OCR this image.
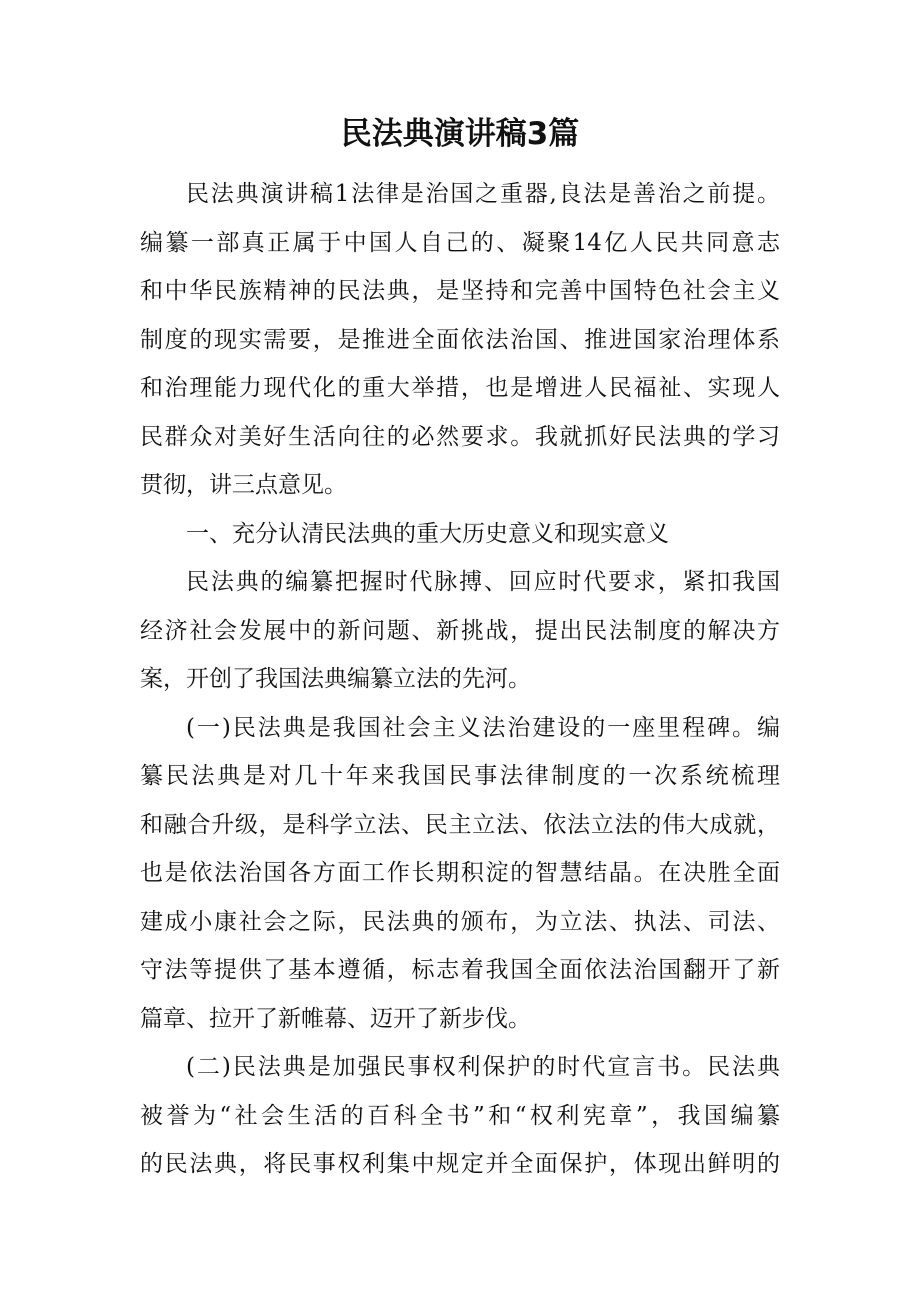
民法典演讲稿3篇
民法典演讲稿1法律是治国之重器,良法是善治之前提。
编纂一部真正属于中国人自己的、凝聚14亿人民共同意志
和中华民族精神的民法典，是坚持和完善中国特色社会主义
制度的现实需要，是推进全面依法治国、推进国家治理体系
和治理能力现代化的重大举措，也是增进人民福祉、实现人
民群众对美好生活向往的必然要求。我就抓好民法典的学习
贯彻，讲三点意见。
一、充分认清民法典的重大历史意义和现实意义
民法典的编纂把握时代脉搏、回应时代要求，紧扣我国
经济社会发展中的新问题、新挑战，提出民法制度的解决方
案，开创了我国法典编纂立法的先河。
(一)民法典是我国社会主义法治建设的一座里程碑。编
纂民法典是对几十年来我国民事法律制度的一次系统梳理
和融合升级，是科学立法、民主立法、依法立法的伟大成就，
也是依法治国各方面工作长期积淀的智慧结晶。在决胜全面
建成小康社会之际，民法典的颁布，为立法、执法、司法、
守法等提供了基本遵循，标志着我国全面依法治国翻开了新
篇章、拉开了新帷幕、迈开了新步伐。
(二)民法典是加强民事权利保护的时代宣言书。民法典
被誉为“社会生活的百科全书”和“权利宪章”，我国编纂
的民法典，将民事权利集中规定并全面保护，体现出鲜明的
